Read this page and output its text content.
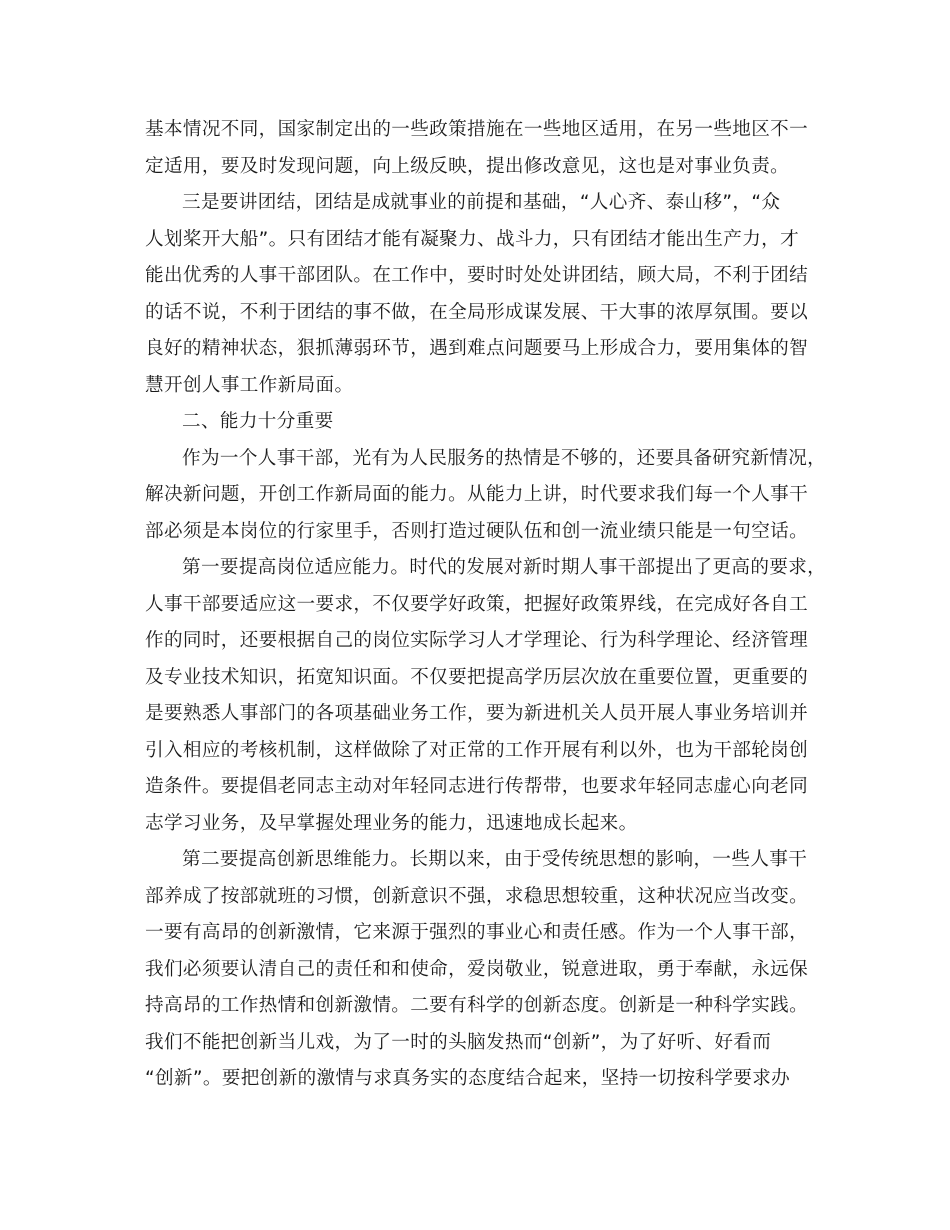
基本情况不同，国家制定出的一些政策措施在一些地区适用，在另一些地区不一
定适用，要及时发现问题，向上级反映，提出修改意见，这也是对事业负责。
三是要讲团结，团结是成就事业的前提和基础，“人心齐、泰山移”，“众
人划桨开大船”。只有团结才能有凝聚力、战斗力，只有团结才能出生产力，才
能出优秀的人事干部团队。在工作中，要时时处处讲团结，顾大局，不利于团结
的话不说，不利于团结的事不做，在全局形成谋发展、干大事的浓厚氛围。要以
良好的精神状态，狠抓薄弱环节，遇到难点问题要马上形成合力，要用集体的智
慧开创人事工作新局面。
二、能力十分重要
作为一个人事干部，光有为人民服务的热情是不够的，还要具备研究新情况，
解决新问题，开创工作新局面的能力。从能力上讲，时代要求我们每一个人事干
部必须是本岗位的行家里手，否则打造过硬队伍和创一流业绩只能是一句空话。
第一要提高岗位适应能力。时代的发展对新时期人事干部提出了更高的要求，
人事干部要适应这一要求，不仅要学好政策，把握好政策界线，在完成好各自工
作的同时，还要根据自己的岗位实际学习人才学理论、行为科学理论、经济管理
及专业技术知识，拓宽知识面。不仅要把提高学历层次放在重要位置，更重要的
是要熟悉人事部门的各项基础业务工作，要为新进机关人员开展人事业务培训并
引入相应的考核机制，这样做除了对正常的工作开展有利以外，也为干部轮岗创
造条件。要提倡老同志主动对年轻同志进行传帮带，也要求年轻同志虚心向老同
志学习业务，及早掌握处理业务的能力，迅速地成长起来。
第二要提高创新思维能力。长期以来，由于受传统思想的影响，一些人事干
部养成了按部就班的习惯，创新意识不强，求稳思想较重，这种状况应当改变。
一要有高昂的创新激情，它来源于强烈的事业心和责任感。作为一个人事干部，
我们必须要认清自己的责任和和使命，爱岗敬业，锐意进取，勇于奉献，永远保
持高昂的工作热情和创新激情。二要有科学的创新态度。创新是一种科学实践。
我们不能把创新当儿戏，为了一时的头脑发热而“创新”，为了好听、好看而
“创新”。要把创新的激情与求真务实的态度结合起来，坚持一切按科学要求办
